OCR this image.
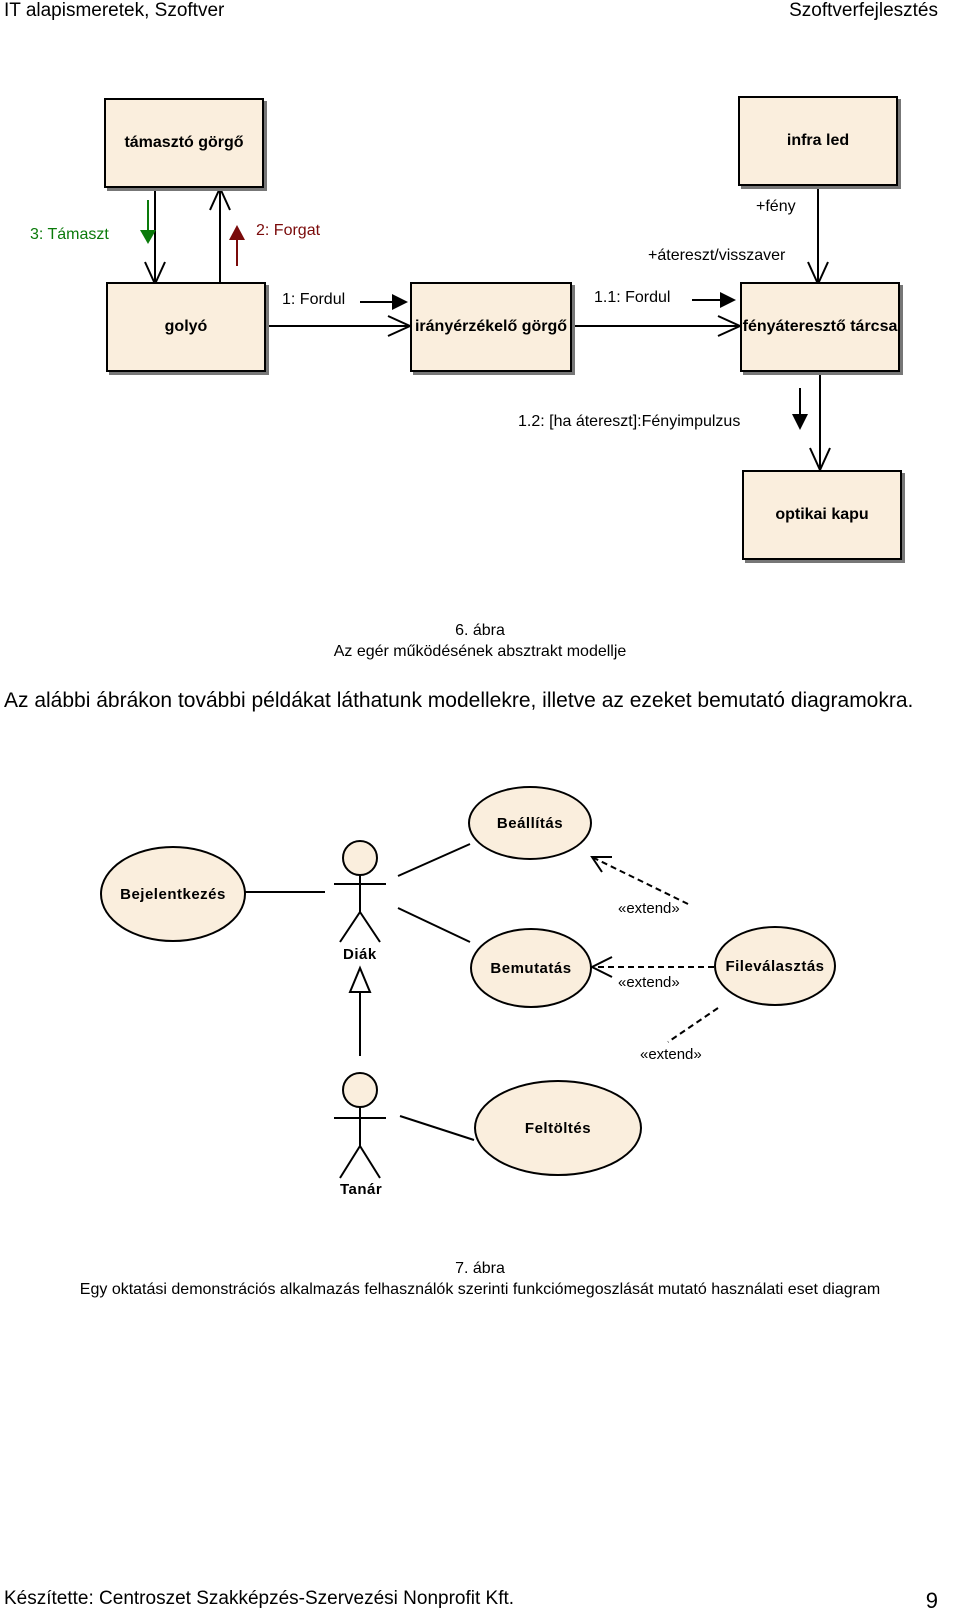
IT alapismeretek, Szoftver	Szoftverfejlesztés
támasztó görgő	infra led
golyó	irányérzékelő görgő	fényáteresztő tárcsa
optikai kapu
3: Támaszt	2: Forgat
+fény
+átereszt/visszaver
1: Fordul	1.1: Fordul
1.2: [ha átereszt]:Fényimpulzus
6. ábra
Az egér működésének absztrakt modellje
Az alábbi ábrákon további példákat láthatunk modellekre, illetve az ezeket bemutató diagramokra.
Beállítás
Bejelentkezés
Bemutatás	Fileválasztás
Feltöltés
Diák
Tanár
«extend»
«extend»
«extend»
7. ábra
Egy oktatási demonstrációs alkalmazás felhasználók szerinti funkciómegoszlását mutató használati eset diagram
Készítette: Centroszet Szakképzés-Szervezési Nonprofit Kft.	9
